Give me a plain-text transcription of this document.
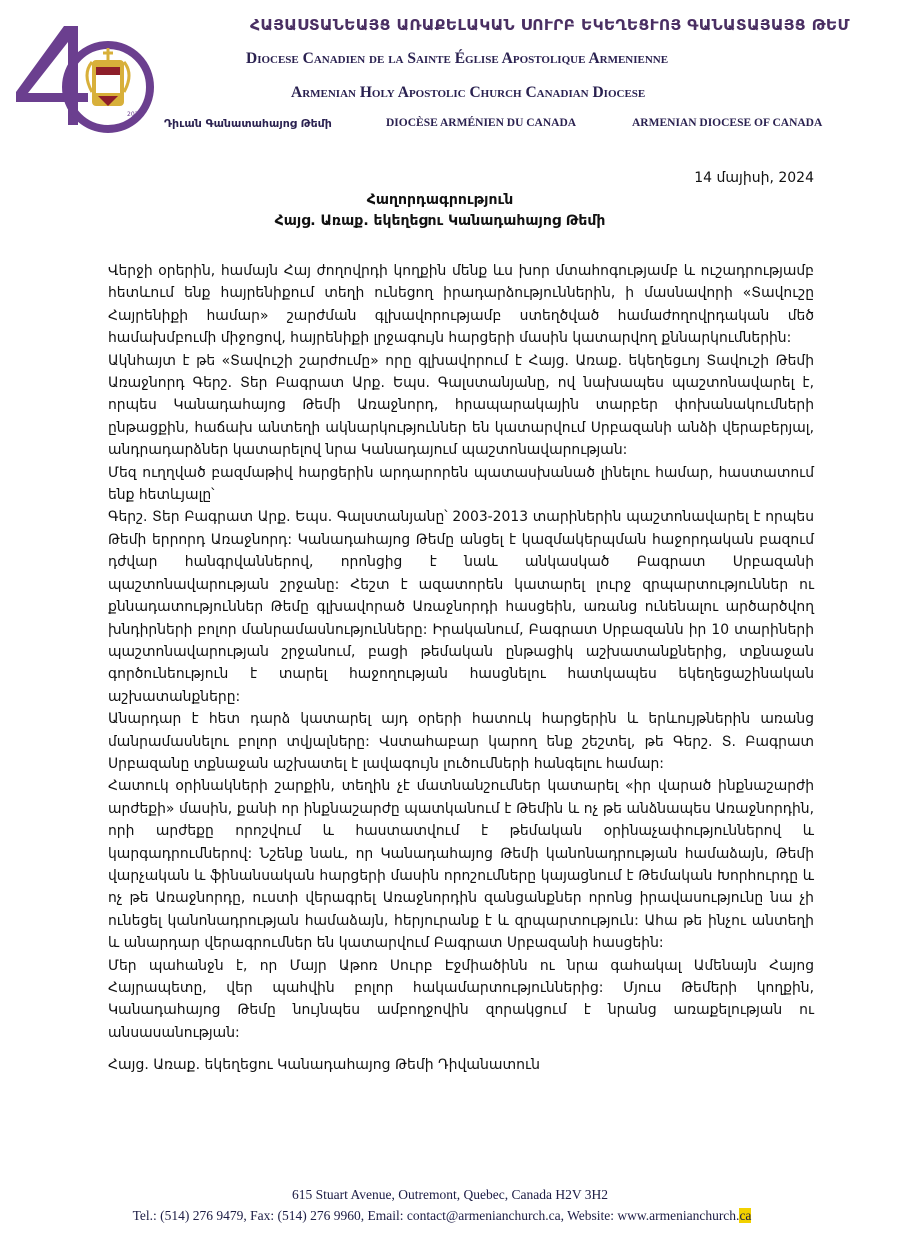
2024
ՀԱՅԱՍՏԱՆԵԱՅՑ ԱՌԱՔԵԼԱԿԱՆ ՍՈՒՐԲ ԵԿԵՂԵՑՒՈՅ ԳԱՆԱՏԱՅԱՅՑ ԹԵՄ
Diocese Canadien de la Sainte Église Apostolique Armenienne
Armenian Holy Apostolic Church Canadian Diocese
Դիւան Գանատահայոց Թեմի	DIOCÈSE ARMÉNIEN DU CANADA	ARMENIAN DIOCESE OF CANADA
14 մայիսի, 2024
Հաղորդագրություն
Հայց. Առաք. եկեղեցու Կանադահայոց Թեմի

Վերջի օրերին, համայն Հայ ժողովրդի կողքին մենք ևս խոր մտահոգությամբ և ուշադրությամբ հետևում ենք հայրենիքում տեղի ունեցող իրադարձություններին, ի մասնավորի «Տավուշը Հայրենիքի համար» շարժման գլխավորությամբ ստեղծված համաժողովրդական մեծ համախմբումի միջոցով, հայրենիքի լրջագույն հարցերի մասին կատարվող քննարկումներին:

Ակնհայտ է թե «Տավուշի շարժումը» որը գլխավորում է Հայց. Առաք. եկեղեցւոյ Տավուշի Թեմի Առաջնորդ Գերշ. Տեր Բագրատ Արք. Եպս. Գալստանյանը, ով նախապես պաշտոնավարել է, որպես Կանադահայոց Թեմի Առաջնորդ, հրապարակային տարբեր փոխանակումների ընթացքին, հաճախ անտեղի ակնարկություններ են կատարվում Սրբազանի անձի վերաբերյալ, անդրադարձներ կատարելով նրա Կանադայում պաշտոնավարության:

Մեզ ուղղված բազմաթիվ հարցերին արդարորեն պատասխանած լինելու համար, հաստատում ենք հետևյալը՝

Գերշ. Տեր Բագրատ Արք. Եպս. Գալստանյանը՝ 2003-2013 տարիներին պաշտոնավարել է որպես Թեմի երրորդ Առաջնորդ: Կանադահայոց Թեմը անցել է կազմակերպման հաջորդական բազում դժվար հանգրվաններով, որոնցից է նաև անկասկած Բագրատ Սրբազանի պաշտոնավարության շրջանը: Հեշտ է ազատորեն կատարել լուրջ զրպարտություններ ու քննադատություններ Թեմը գլխավորած Առաջնորդի հասցեին, առանց ունենալու արծարծվող խնդիրների բոլոր մանրամասնությունները: Իրականում, Բագրատ Սրբազանն իր 10 տարիների պաշտոնավարության շրջանում, բացի թեմական ընթացիկ աշխատանքներից, տքնաջան գործունեություն է տարել հաջողության հասցնելու հատկապես եկեղեցաշինական աշխատանքները:

Անարդար է հետ դարձ կատարել այդ օրերի հատուկ հարցերին և երևույթներին առանց մանրամասնելու բոլոր տվյալները: Վստահաբար կարող ենք շեշտել, թե Գերշ. Տ. Բագրատ Սրբազանը տքնաջան աշխատել է լավագույն լուծումների հանգելու համար:

Հատուկ օրինակների շարքին, տեղին չէ մատնանշումներ կատարել «իր վարած ինքնաշարժի արժեքի» մասին, քանի որ ինքնաշարժը պատկանում է Թեմին և ոչ թե անձնապես Առաջնորդին, որի արժեքը որոշվում և հաստատվում է թեմական օրինաչափություններով և կարգադրումներով: Նշենք նաև, որ Կանադահայոց Թեմի կանոնադրության համաձայն, Թեմի վարչական և ֆինանսական հարցերի մասին որոշումները կայացնում է Թեմական Խորհուրդը և ոչ թե Առաջնորդը, ուստի վերագրել Առաջնորդին զանցանքներ որոնց իրավասությունը նա չի ունեցել կանոնադրության համաձայն, հերյուրանք է և զրպարտություն: Ահա թե ինչու անտեղի և անարդար վերագրումներ են կատարվում Բագրատ Սրբազանի հասցեին:

Մեր պահանջն է, որ Մայր Աթոռ Սուրբ Էջմիածինն ու նրա գահակալ Ամենայն Հայոց Հայրապետը, վեր պահվին բոլոր հակամարտություններից: Մյուս Թեմերի կողքին, Կանադահայոց Թեմը նույնպես ամբողջովին զորակցում է նրանց առաքելության ու անսասանության:

Հայց. Առաք. եկեղեցու Կանադահայոց Թեմի Դիվանատուն
615 Stuart Avenue, Outremont, Quebec, Canada H2V 3H2
Tel.: (514) 276 9479, Fax: (514) 276 9960, Email: contact@armenianchurch.ca, Website: www.armenianchurch.ca
